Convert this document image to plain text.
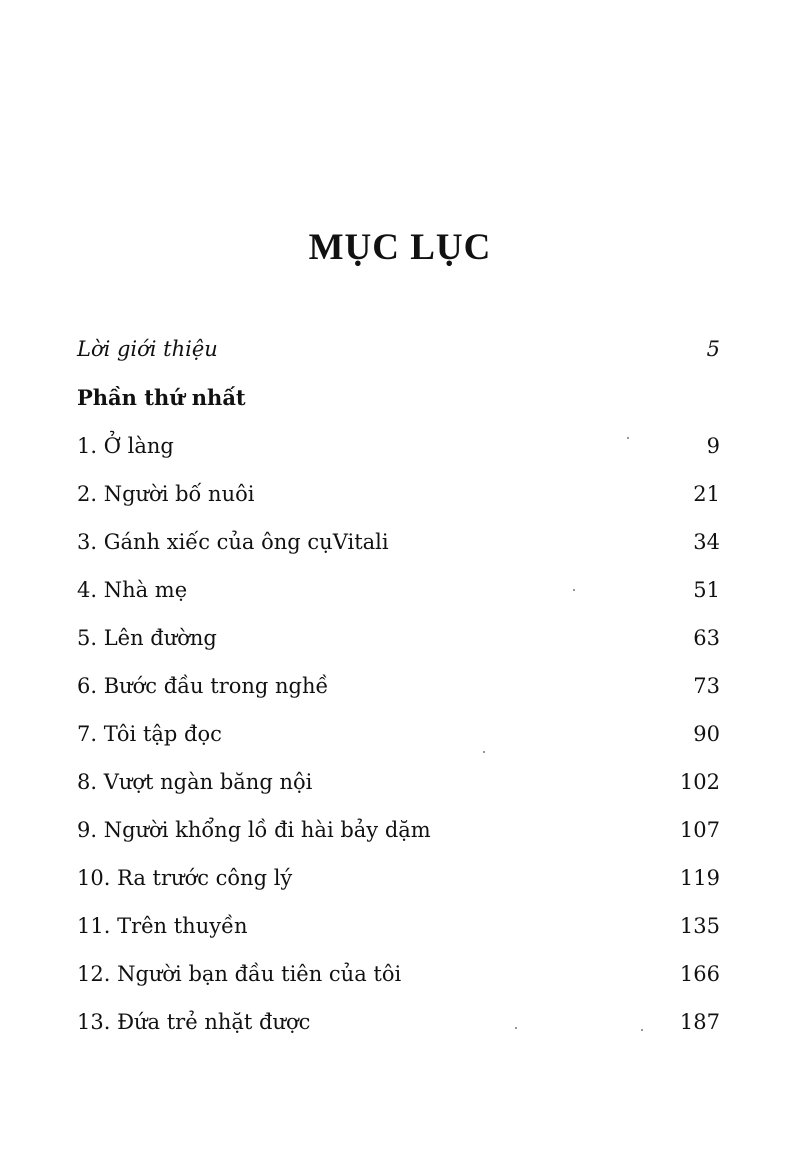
MỤC LỤC
Lời giới thiệu	5
Phần thứ nhất
1. Ở làng	9
2. Người bố nuôi	21
3. Gánh xiếc của ông cụVitali	34
4. Nhà mẹ	51
5. Lên đường	63
6. Bước đầu trong nghề	73
7. Tôi tập đọc	90
8. Vượt ngàn băng nội	102
9. Người khổng lồ đi hài bảy dặm	107
10. Ra trước công lý	119
11. Trên thuyền	135
12. Người bạn đầu tiên của tôi	166
13. Đứa trẻ nhặt được	187
